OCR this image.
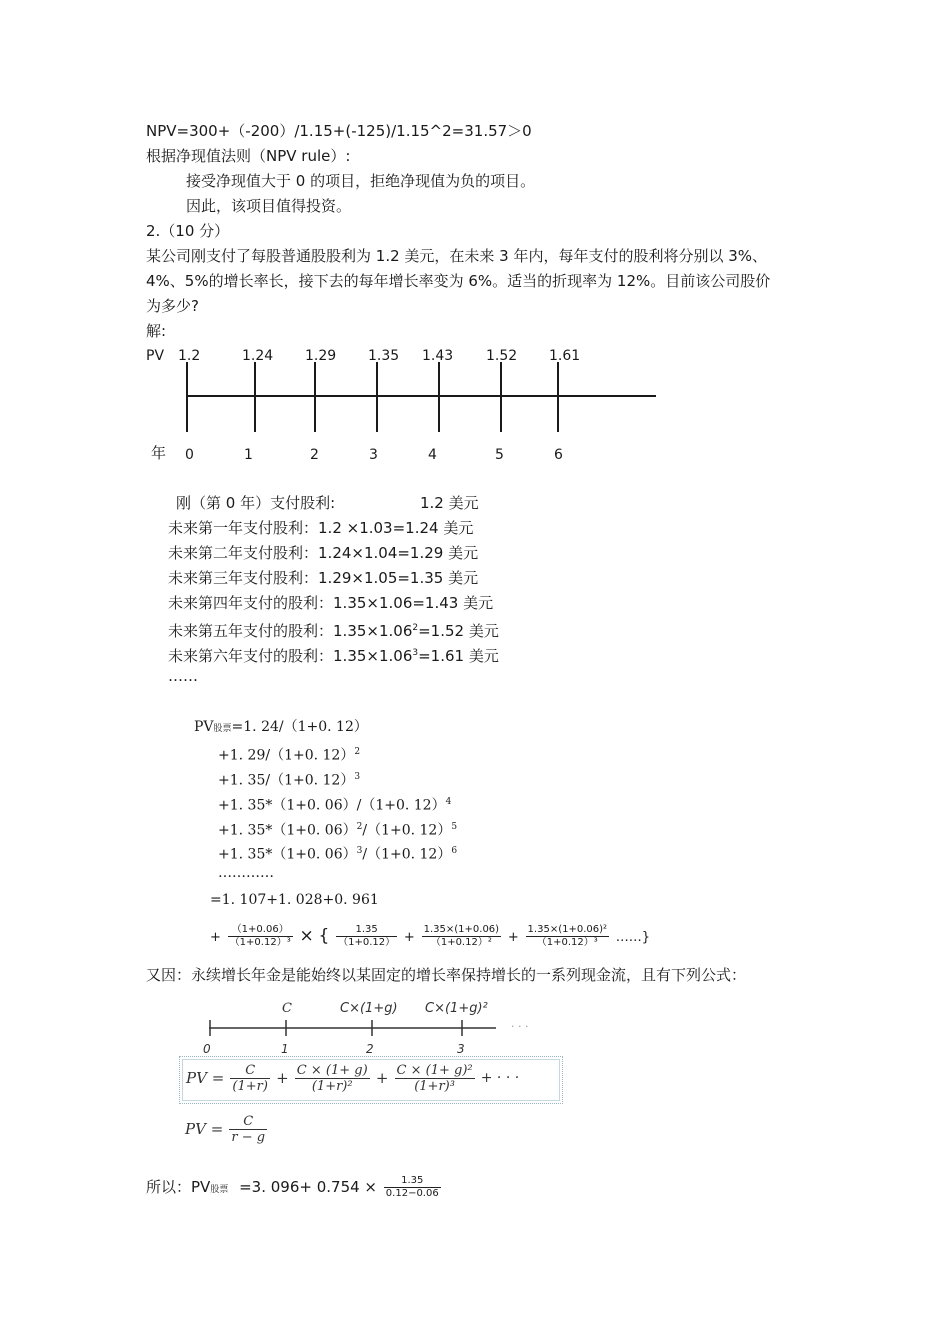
NPV=300+（-200）/1.15+(-125)/1.15^2=31.57＞0
根据净现值法则（NPV rule）:
接受净现值大于 0 的项目，拒绝净现值为负的项目。
因此，该项目值得投资。
2.（10 分）
某公司刚支付了每股普通股股利为 1.2 美元，在未来 3 年内，每年支付的股利将分别以 3%、
4%、5%的增长率长，接下去的每年增长率变为 6%。适当的折现率为 12%。目前该公司股价
为多少?
解:
PV 1.2
0
1.24
1
1.29
2
1.35
3
1.43
4
1.52
5
1.61
6
年
刚（第 0 年）支付股利:
未来第一年支付股利：1.2 ×1.03=1.24 美元
未来第二年支付股利：1.24×1.04=1.29 美元
未来第三年支付股利：1.29×1.05=1.35 美元
未来第四年支付的股利：1.35×1.06=1.43 美元
未来第五年支付的股利：$1.35\times 1.06^2=1.52$ 美元
未来第六年支付的股利：$1.35\times 1.06^3=1.61$ 美元
……
1.2 美元
PV股票=1. 24/（1+0. 12）
+1. 29/（1+0. 12）$^2$
+1. 35/（1+0. 12）$^3$
+1. 35*（1+0. 06）/（1+0. 12）$^4$
+1. 35*（1+0. 06）$^2$/（1+0. 12）$^5$
+1. 35*（1+0. 06）$^3$/（1+0. 12）$^6$
…………
=1. 107+1. 028+0. 961
+ $\frac{(1+0.06)}{\text{（1+0.12）³}}$ × { $\frac{1.35}{(1+0.12)} + \frac{1.35\times(1+0.06)}{\text{（1+0.12）²}} + \frac{\text{1.35×(1+0.06)²}}{\text{（1+0.12）³}}$ ……}
又因：永续增长年金是能始终以某固定的增长率保持增长的一系列现金流，且有下列公式：
C	C×(1+g) C×(1+g)²
· · ·
0	1	2	3
PV = $\frac{C}{(1+r)} + \frac{C \times (1+ g)}{\text{(1+r)²}} + \frac{\text{C × (1+ g)²}}{\text{(1+r)³}}$ + · · ·
PV = $\frac{C}{r - g}$
所以：PV股票 =3. $096+ 0.754 \times \frac{1.35}{0.12-0.06}$
